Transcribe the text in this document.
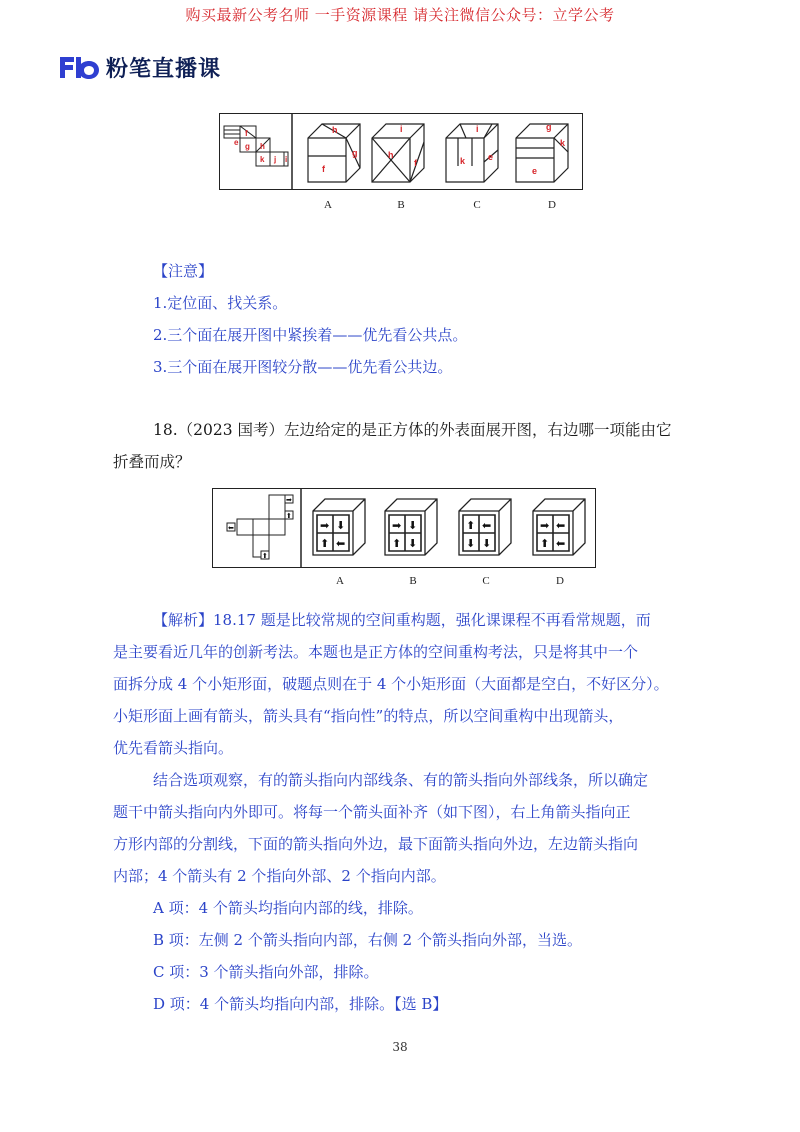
购买最新公考名师 一手资源课程 请关注微信公众号：立学公考
粉笔直播课
e
f
g h
k j i
h
g
f
i
h
f
i
k	e
g
k
e
A	B	C	D
【注意】
1.定位面、找关系。
2.三个面在展开图中紧挨着——优先看公共点。
3.三个面在展开图较分散——优先看公共边。
18.（2023 国考）左边给定的是正方体的外表面展开图，右边哪一项能由它
折叠而成？
➡
⬆
⬅
⬆
➡ ⬇
⬆ ⬅
➡ ⬇
⬆ ⬇
⬆ ⬅
⬇ ⬇
➡ ⬅
⬆ ⬅
A	B	C	D
【解析】18.17 题是比较常规的空间重构题，强化课课程不再看常规题，而
是主要看近几年的创新考法。本题也是正方体的空间重构考法，只是将其中一个
面拆分成 4 个小矩形面，破题点则在于 4 个小矩形面（大面都是空白，不好区分）。
小矩形面上画有箭头，箭头具有“指向性”的特点，所以空间重构中出现箭头，
优先看箭头指向。
结合选项观察，有的箭头指向内部线条、有的箭头指向外部线条，所以确定
题干中箭头指向内外即可。将每一个箭头面补齐（如下图），右上角箭头指向正
方形内部的分割线，下面的箭头指向外边，最下面箭头指向外边，左边箭头指向
内部；4 个箭头有 2 个指向外部、2 个指向内部。
A 项：4 个箭头均指向内部的线，排除。
B 项：左侧 2 个箭头指向内部，右侧 2 个箭头指向外部，当选。
C 项：3 个箭头指向外部，排除。
D 项：4 个箭头均指向内部，排除。【选 B】
38
